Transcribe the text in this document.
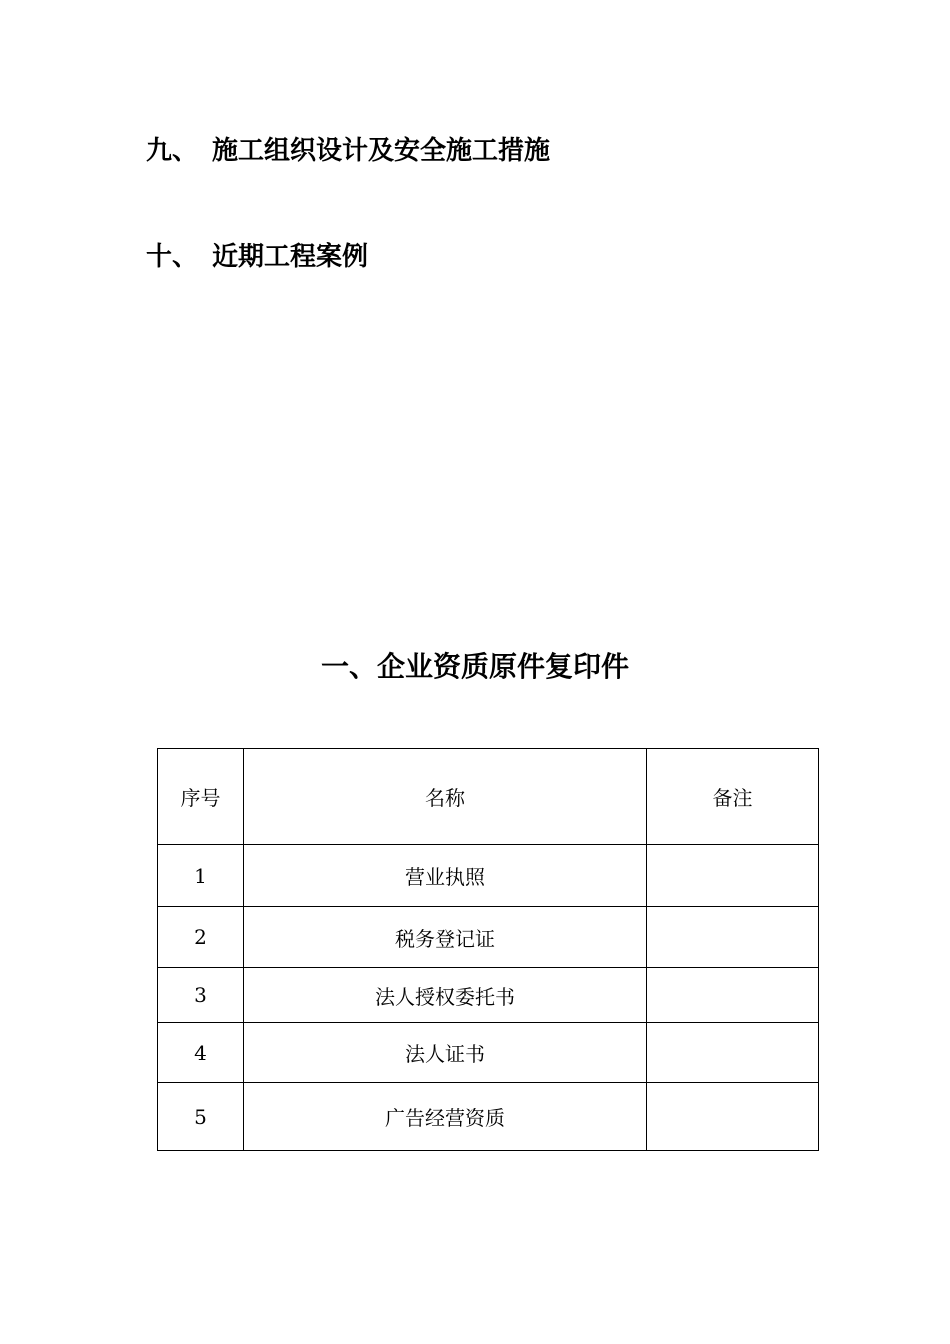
九、 施工组织设计及安全施工措施
十、 近期工程案例
一、企业资质原件复印件
序号	名称	备注
1	营业执照	
2	税务登记证	
3	法人授权委托书	
4	法人证书	
5	广告经营资质	
